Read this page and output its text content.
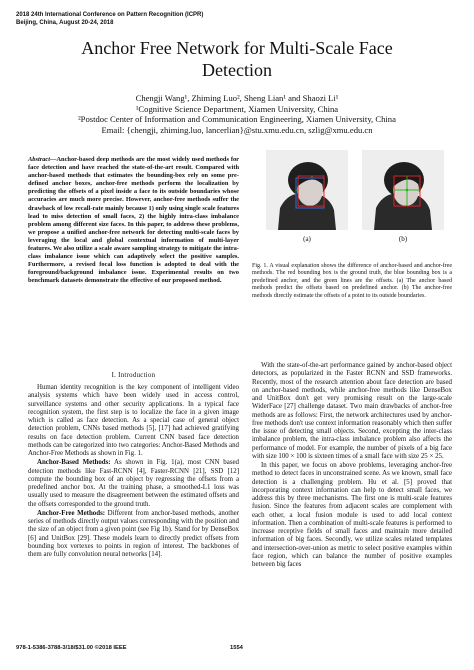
2018 24th International Conference on Pattern Recognition (ICPR)
Beijing, China, August 20-24, 2018
Anchor Free Network for Multi-Scale Face
Detection
Chengji Wang¹, Zhiming Luo², Sheng Lian¹ and Shaozi Li¹
¹Cognitive Science Department, Xiamen University, China
²Postdoc Center of Information and Communication Engineering, Xiamen University, China
Email: {chengji, zhiming.luo, lancerlian}@stu.xmu.edu.cn, szlig@xmu.edu.cn

Abstract—Anchor-based deep methods are the most widely used methods for face detection and have reached the state-of-the-art result. Compared with anchor-based methods that estimates the bounding-box rely on some pre-defined anchor boxes, anchor-free methods perform the localization by predicting the offsets of a pixel inside a face to its outside boundaries whose accuracies are much more precise. However, anchor-free methods suffer the drawback of low recall-rate mainly because 1) only using single scale features lead to miss detection of small faces, 2) the highly intra-class imbalance problem among different size faces. In this paper, to address these problems, we propose a unified anchor-free network for detecting multi-scale faces by leveraging the local and global contextual information of multi-layer features. We also utilize a scale aware sampling strategy to mitigate the intra-class imbalance issue which can adaptively select the positive samples. Furthermore, a revised focal loss function is adopted to deal with the foreground/background imbalance issue. Experimental results on two benchmark datasets demonstrate the effective of our proposed method.

I. Introduction

Human identity recognition is the key component of intelligent video analysis systems which have been widely used in access control, surveillance systems and other security applications. In a typical face recognition system, the first step is to localize the face in a given image which is called as face detection. As a special case of general object detection problem, CNNs based methods [5], [17] had achieved gratifying results on face detection problem. Current CNN based face detection methods can be categorized into two categories: Anchor-Based Methods and Anchor-Free Methods as shown in Fig. 1.

Anchor-Based Methods: As shown in Fig. 1(a), most CNN based detection methods like Fast-RCNN [4], Faster-RCNN [21], SSD [12] compute the bounding box of an object by regressing the offsets from a predefined anchor box. At the training phase, a smoothed-L1 loss was usually used to measure the disagreement between the estimated offsets and the offsets corresponded to the ground truth.

Anchor-Free Methods: Different from anchor-based methods, another series of methods directly output values corresponding with the position and the size of an object from a given point (see Fig 1b). Stand for by DenseBox [6] and UnitBox [29]. These models learn to directly predict offsets from bounding box vertexes to points in region of interest. The backbones of them are fully convolution neural networks [14].

(a)	(b)
Fig. 1. A visual explanation shows the difference of anchor-based and anchor-free methods. The red bounding box is the ground truth, the blue bounding box is a predefined anchor, and the green lines are the offsets. (a) The anchor based methods predict the offsets based on predefined anchor. (b) The anchor-free methods directly estimate the offsets of a point to its outside boundaries.

With the state-of-the-art performance gained by anchor-based object detectors, as popularized in the Faster RCNN and SSD frameworks. Recently, most of the research attention about face detection are based on anchor-based methods, while anchor-free methods like DenseBox and UnitBox don't get very promising result on the large-scale WiderFace [27] challenge dataset. Two main drawbacks of anchor-free methods are as follows: First, the network architectures used by anchor-free methods don't use context information reasonably which then suffer the issue of detecting small objects. Second, excepting the inter-class imbalance problem, the intra-class imbalance problem also affects the performance of model. For example, the number of pixels of a big face with size 100 × 100 is sixteen times of a small face with size 25 × 25.

In this paper, we focus on above problems, leveraging anchor-free method to detect faces in unconstrained scene. As we known, small face detection is a challenging problem. Hu et al. [5] proved that incorporating context information can help to detect small faces, we address this by three mechanisms. The first one is multi-scale features fusion. Since the features from adjacent scales are complement with each other, a local fusion module is used to add local context information. Then a combination of multi-scale features is performed to increase receptive fields of small faces and maintain more detailed information of big faces. Secondly, we utilize scales related templates and intersection-over-union as metric to select positive examples within face region, which can balance the number of positive examples between big faces

978-1-5386-3788-3/18/$31.00 ©2018 IEEE	1554
